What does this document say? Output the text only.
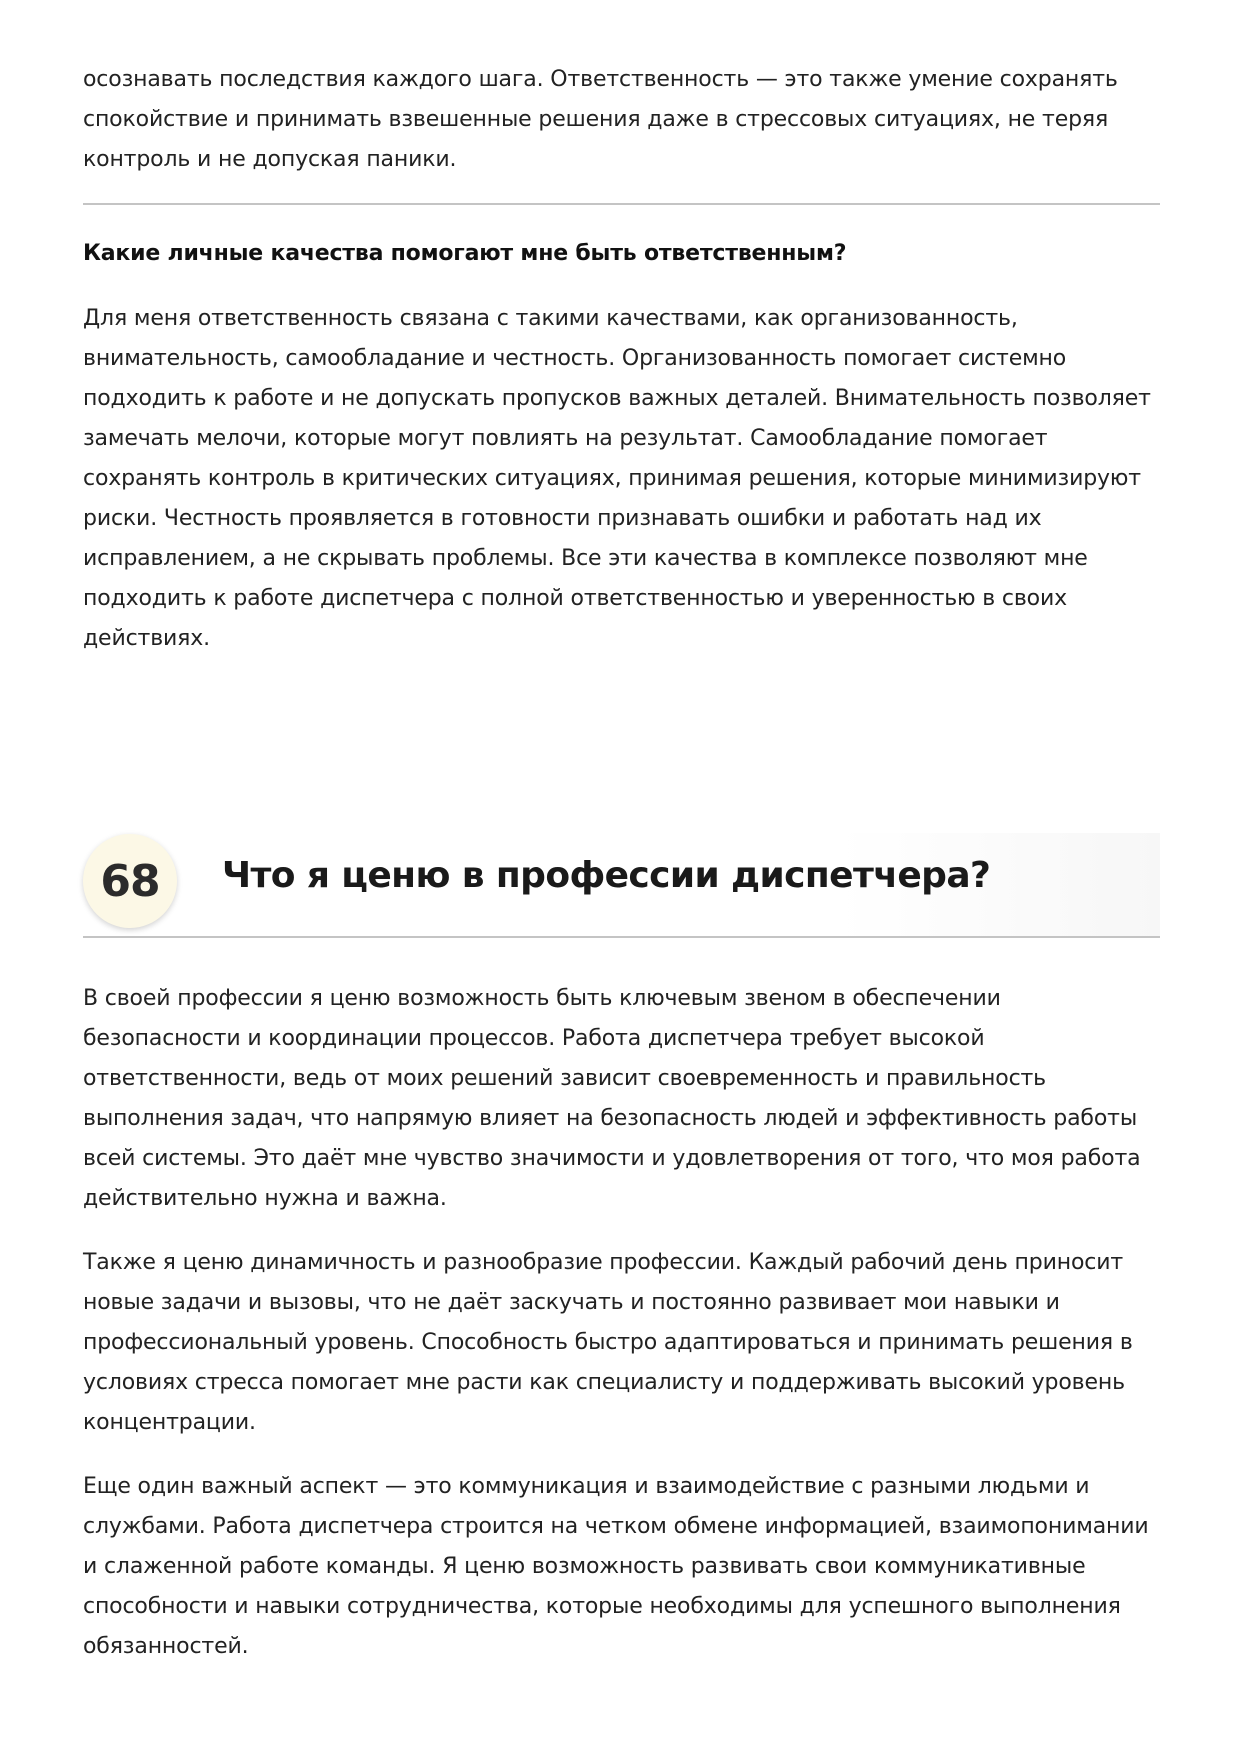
осознавать последствия каждого шага. Ответственность — это также умение сохранять спокойствие и принимать взвешенные решения даже в стрессовых ситуациях, не теряя контроль и не допуская паники.

Какие личные качества помогают мне быть ответственным?

Для меня ответственность связана с такими качествами, как организованность, внимательность, самообладание и честность. Организованность помогает системно подходить к работе и не допускать пропусков важных деталей. Внимательность позволяет замечать мелочи, которые могут повлиять на результат. Самообладание помогает сохранять контроль в критических ситуациях, принимая решения, которые минимизируют риски. Честность проявляется в готовности признавать ошибки и работать над их исправлением, а не скрывать проблемы. Все эти качества в комплексе позволяют мне подходить к работе диспетчера с полной ответственностью и уверенностью в своих действиях.

68	Что я ценю в профессии диспетчера?

В своей профессии я ценю возможность быть ключевым звеном в обеспечении безопасности и координации процессов. Работа диспетчера требует высокой ответственности, ведь от моих решений зависит своевременность и правильность выполнения задач, что напрямую влияет на безопасность людей и эффективность работы всей системы. Это даёт мне чувство значимости и удовлетворения от того, что моя работа действительно нужна и важна.

Также я ценю динамичность и разнообразие профессии. Каждый рабочий день приносит новые задачи и вызовы, что не даёт заскучать и постоянно развивает мои навыки и профессиональный уровень. Способность быстро адаптироваться и принимать решения в условиях стресса помогает мне расти как специалисту и поддерживать высокий уровень концентрации.

Еще один важный аспект — это коммуникация и взаимодействие с разными людьми и службами. Работа диспетчера строится на четком обмене информацией, взаимопонимании и слаженной работе команды. Я ценю возможность развивать свои коммуникативные способности и навыки сотрудничества, которые необходимы для успешного выполнения обязанностей.
